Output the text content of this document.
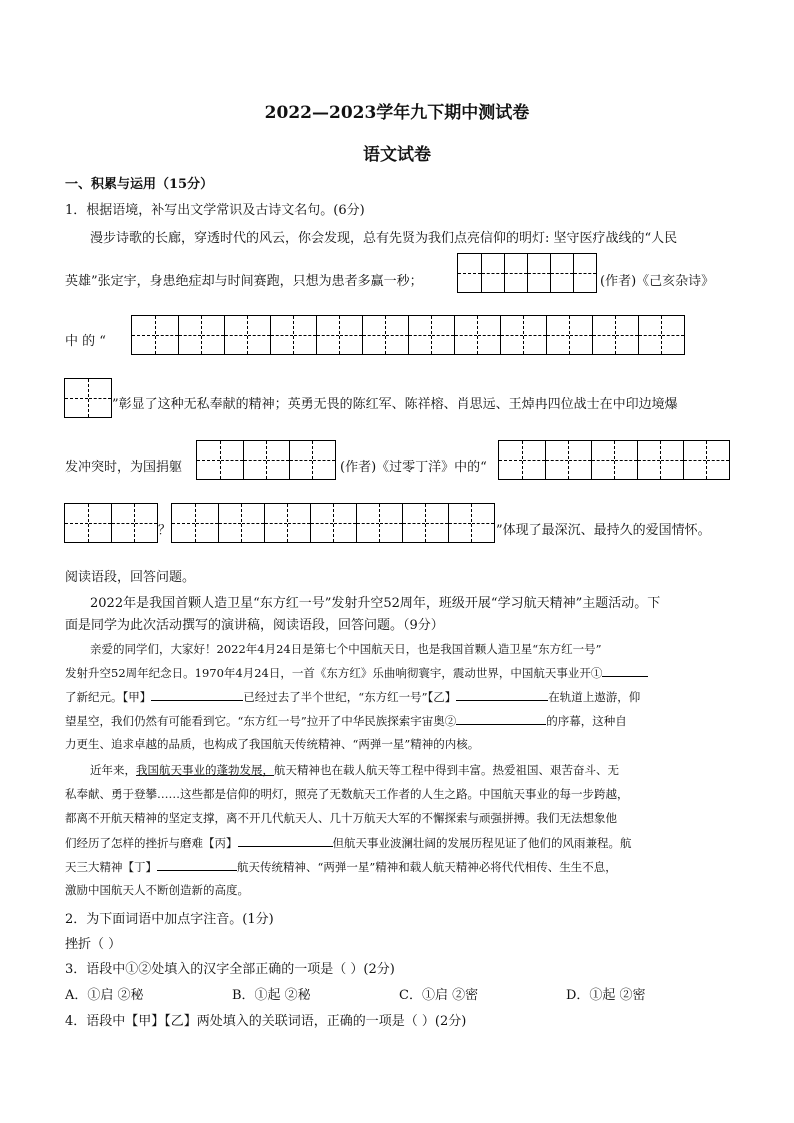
2022—2023学年九下期中测试卷
语文试卷
一、积累与运用（15分）
1．根据语境，补写出文学常识及古诗文名句。(6分)
漫步诗歌的长廊，穿透时代的风云，你会发现，总有先贤为我们点亮信仰的明灯: 坚守医疗战线的“人民
英雄”张定宇，身患绝症却与时间赛跑，只想为患者多赢一秒；	(作者)《己亥杂诗》
中 的 “
”彰显了这种无私奉献的精神；英勇无畏的陈红军、陈祥榕、肖思远、王焯冉四位战士在中印边境爆
发冲突时，为国捐躯	(作者)《过零丁洋》中的“
？	”体现了最深沉、最持久的爱国情怀。
阅读语段，回答问题。
2022年是我国首颗人造卫星“东方红一号”发射升空52周年，班级开展“学习航天精神”主题活动。下
面是同学为此次活动撰写的演讲稿，阅读语段，回答问题。（9分）
亲爱的同学们，大家好！2022年4月24日是第七个中国航天日，也是我国首颗人造卫星“东方红一号”
发射升空52周年纪念日。1970年4月24日，一首《东方红》乐曲响彻寰宇，震动世界，中国航天事业开①
了新纪元。【甲】	已经过去了半个世纪，“东方红一号”【乙】	在轨道上遨游，仰
望星空，我们仍然有可能看到它。“东方红一号”拉开了中华民族探索宇宙奥②	的序幕，这种自
力更生、追求卓越的品质，也构成了我国航天传统精神、“两弹一星”精神的内核。
近年来，我国航天事业的蓬勃发展，航天精神也在载人航天等工程中得到丰富。热爱祖国、艰苦奋斗、无
私奉献、勇于登攀……这些都是信仰的明灯，照亮了无数航天工作者的人生之路。中国航天事业的每一步跨越，
都离不开航天精神的坚定支撑，离不开几代航天人、几十万航天大军的不懈探索与顽强拼搏。我们无法想象他
们经历了怎样的挫折与磨难【丙】	但航天事业波澜壮阔的发展历程见证了他们的风雨兼程。航
天三大精神【丁】	航天传统精神、“两弹一星”精神和载人航天精神必将代代相传、生生不息，
激励中国航天人不断创造新的高度。
2．为下面词语中加点字注音。(1分)
挫折（ ）
3．语段中①②处填入的汉字全部正确的一项是（ ）(2分)
A．①启 ②秘	B．①起 ②秘	C．①启 ②密	D．①起 ②密
4．语段中【甲】【乙】两处填入的关联词语，正确的一项是（ ）(2分)
